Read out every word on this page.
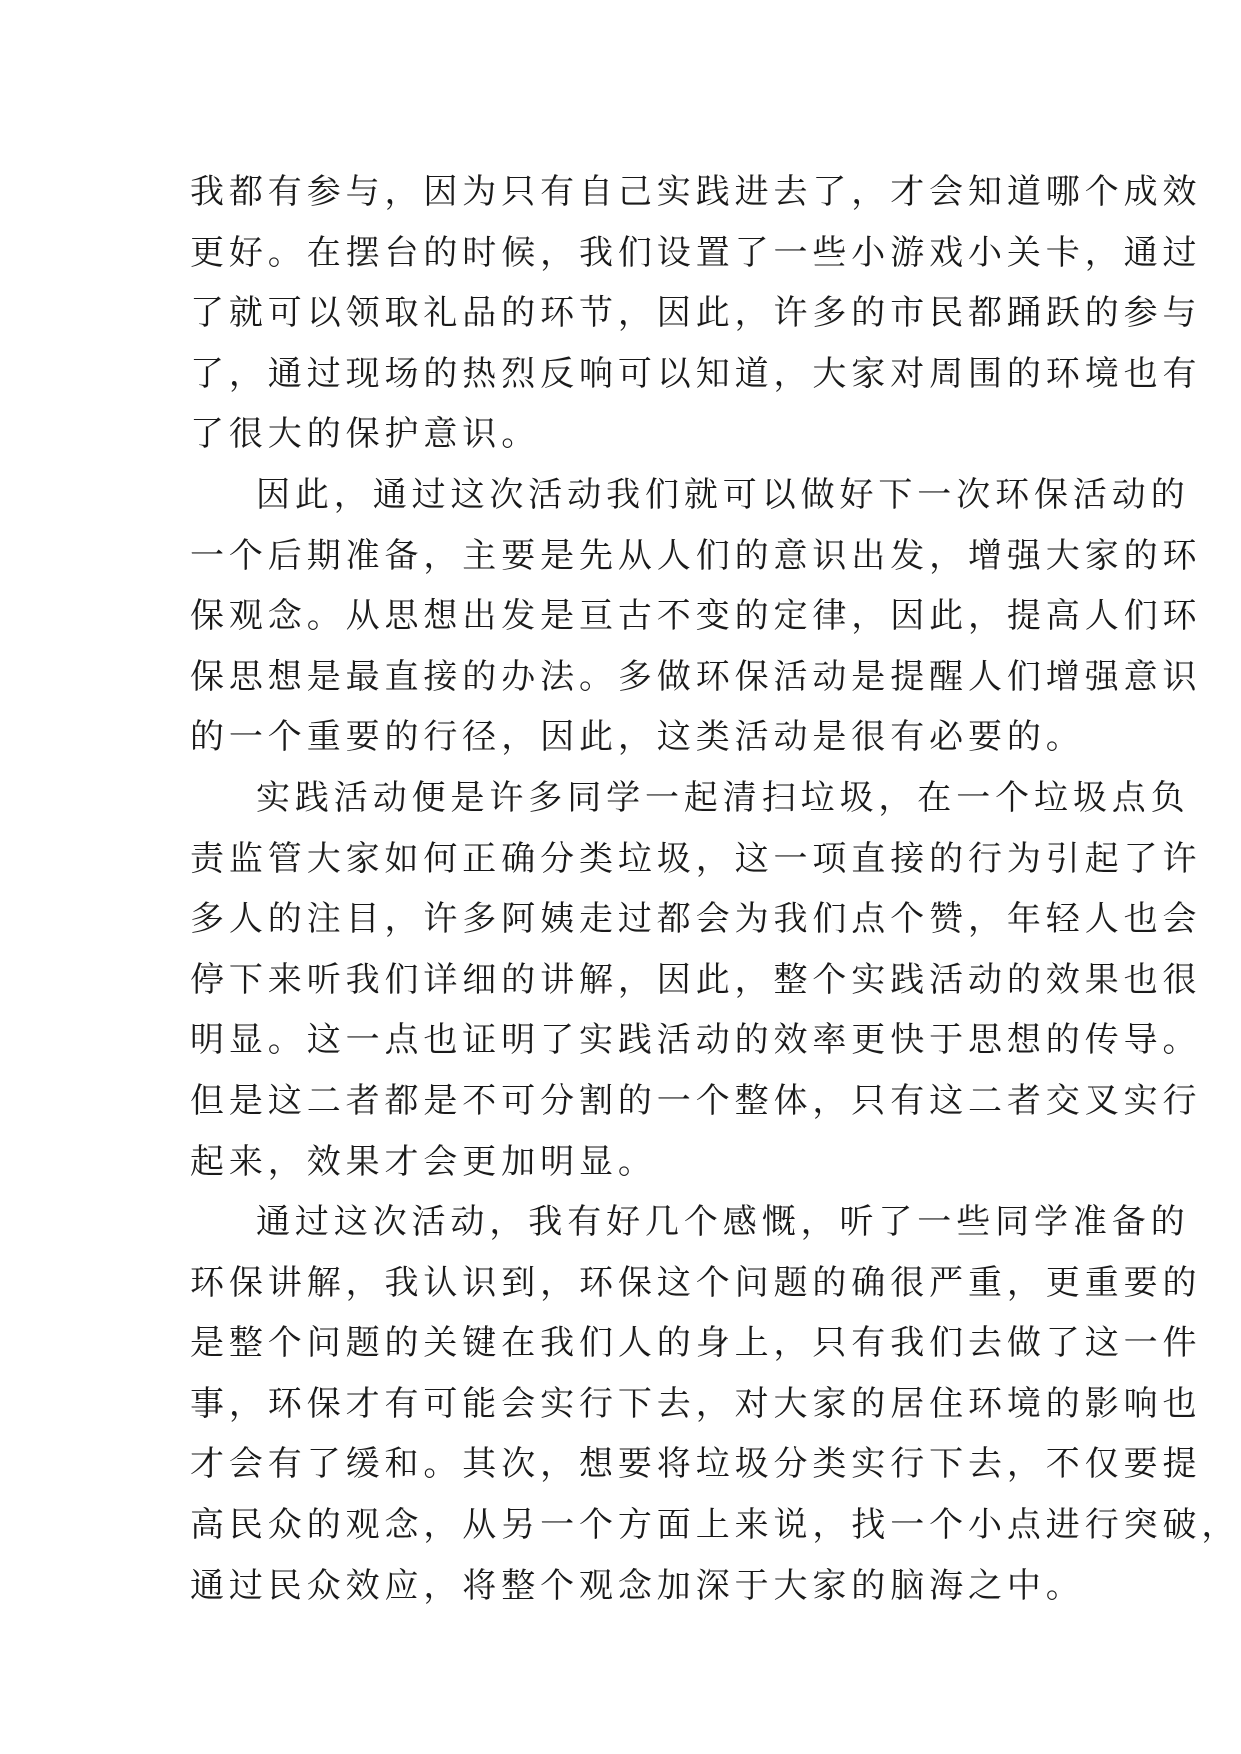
我都有参与，因为只有自己实践进去了，才会知道哪个成效
更好。在摆台的时候，我们设置了一些小游戏小关卡，通过
了就可以领取礼品的环节，因此，许多的市民都踊跃的参与
了，通过现场的热烈反响可以知道，大家对周围的环境也有
了很大的保护意识。
因此，通过这次活动我们就可以做好下一次环保活动的
一个后期准备，主要是先从人们的意识出发，增强大家的环
保观念。从思想出发是亘古不变的定律，因此，提高人们环
保思想是最直接的办法。多做环保活动是提醒人们增强意识
的一个重要的行径，因此，这类活动是很有必要的。
实践活动便是许多同学一起清扫垃圾，在一个垃圾点负
责监管大家如何正确分类垃圾，这一项直接的行为引起了许
多人的注目，许多阿姨走过都会为我们点个赞，年轻人也会
停下来听我们详细的讲解，因此，整个实践活动的效果也很
明显。这一点也证明了实践活动的效率更快于思想的传导。
但是这二者都是不可分割的一个整体，只有这二者交叉实行
起来，效果才会更加明显。
通过这次活动，我有好几个感慨，听了一些同学准备的
环保讲解，我认识到，环保这个问题的确很严重，更重要的
是整个问题的关键在我们人的身上，只有我们去做了这一件
事，环保才有可能会实行下去，对大家的居住环境的影响也
才会有了缓和。其次，想要将垃圾分类实行下去，不仅要提
高民众的观念，从另一个方面上来说，找一个小点进行突破，
通过民众效应，将整个观念加深于大家的脑海之中。
